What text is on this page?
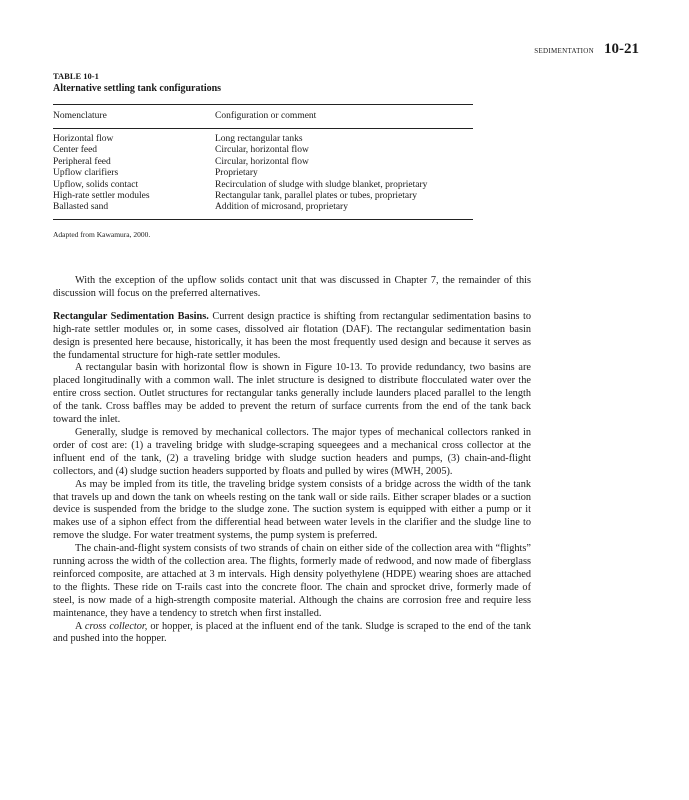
SEDIMENTATION 10-21
TABLE 10-1
Alternative settling tank configurations
Nomenclature	Configuration or comment
Horizontal flow	Long rectangular tanks
Center feed	Circular, horizontal flow
Peripheral feed	Circular, horizontal flow
Upflow clarifiers	Proprietary
Upflow, solids contact	Recirculation of sludge with sludge blanket, proprietary
High-rate settler modules	Rectangular tank, parallel plates or tubes, proprietary
Ballasted sand	Addition of microsand, proprietary
Adapted from Kawamura, 2000.

With the exception of the upflow solids contact unit that was discussed in Chapter 7, the remainder of this discussion will focus on the preferred alternatives.

Rectangular Sedimentation Basins. Current design practice is shifting from rectangular sedimentation basins to high-rate settler modules or, in some cases, dissolved air flotation (DAF). The rectangular sedimentation basin design is presented here because, historically, it has been the most frequently used design and because it serves as the fundamental structure for high-rate settler modules.

A rectangular basin with horizontal flow is shown in Figure 10-13. To provide redundancy, two basins are placed longitudinally with a common wall. The inlet structure is designed to distribute flocculated water over the entire cross section. Outlet structures for rectangular tanks generally include launders placed parallel to the length of the tank. Cross baffles may be added to prevent the return of surface currents from the end of the tank back toward the inlet.

Generally, sludge is removed by mechanical collectors. The major types of mechanical collectors ranked in order of cost are: (1) a traveling bridge with sludge-scraping squeegees and a mechanical cross collector at the influent end of the tank, (2) a traveling bridge with sludge suction headers and pumps, (3) chain-and-flight collectors, and (4) sludge suction headers supported by floats and pulled by wires (MWH, 2005).

As may be impled from its title, the traveling bridge system consists of a bridge across the width of the tank that travels up and down the tank on wheels resting on the tank wall or side rails. Either scraper blades or a suction device is suspended from the bridge to the sludge zone. The suction system is equipped with either a pump or it makes use of a siphon effect from the differential head between water levels in the clarifier and the sludge line to remove the sludge. For water treatment systems, the pump system is preferred.

The chain-and-flight system consists of two strands of chain on either side of the collection area with “flights” running across the width of the collection area. The flights, formerly made of redwood, and now made of fiberglass reinforced composite, are attached at 3 m intervals. High density polyethylene (HDPE) wearing shoes are attached to the flights. These ride on T-rails cast into the concrete floor. The chain and sprocket drive, formerly made of steel, is now made of a high-strength composite material. Although the chains are corrosion free and require less maintenance, they have a tendency to stretch when first installed.

A cross collector, or hopper, is placed at the influent end of the tank. Sludge is scraped to the end of the tank and pushed into the hopper.
